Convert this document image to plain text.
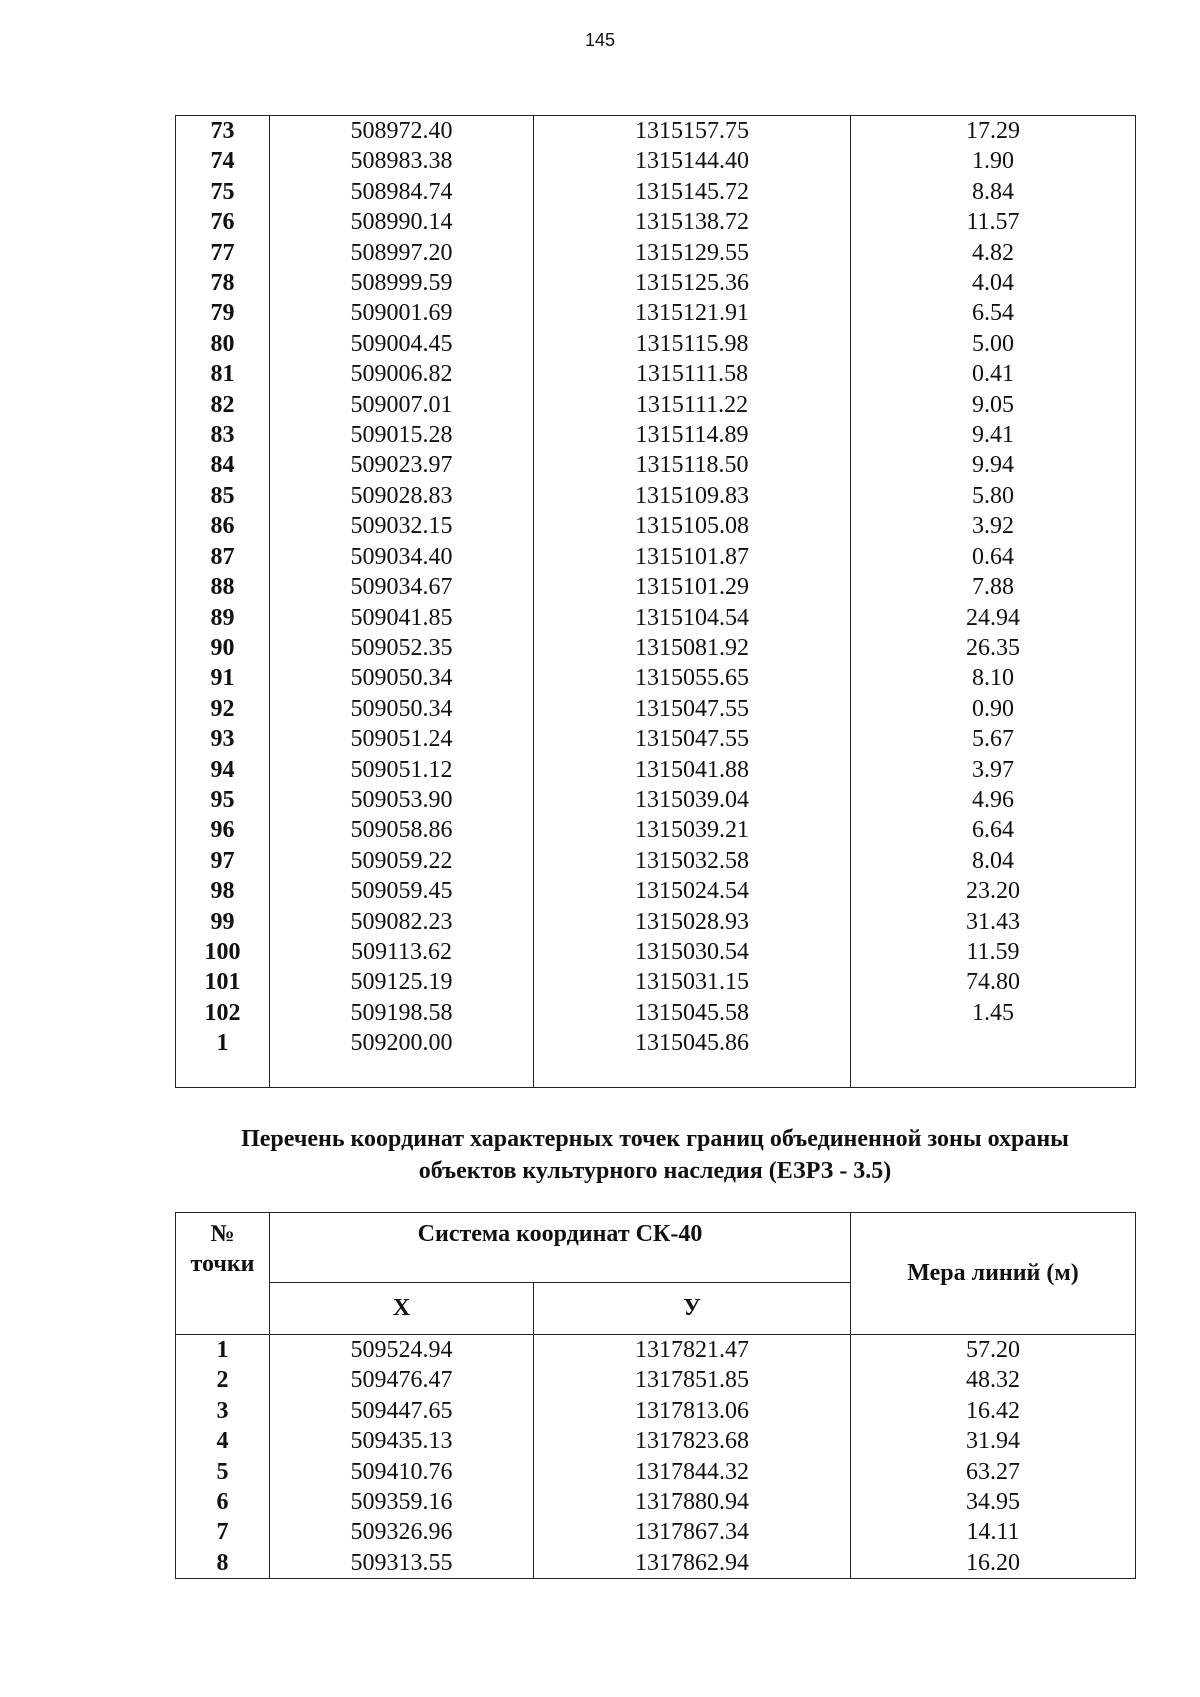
145
73	508972.40	1315157.75	17.29
74	508983.38	1315144.40	1.90
75	508984.74	1315145.72	8.84
76	508990.14	1315138.72	11.57
77	508997.20	1315129.55	4.82
78	508999.59	1315125.36	4.04
79	509001.69	1315121.91	6.54
80	509004.45	1315115.98	5.00
81	509006.82	1315111.58	0.41
82	509007.01	1315111.22	9.05
83	509015.28	1315114.89	9.41
84	509023.97	1315118.50	9.94
85	509028.83	1315109.83	5.80
86	509032.15	1315105.08	3.92
87	509034.40	1315101.87	0.64
88	509034.67	1315101.29	7.88
89	509041.85	1315104.54	24.94
90	509052.35	1315081.92	26.35
91	509050.34	1315055.65	8.10
92	509050.34	1315047.55	0.90
93	509051.24	1315047.55	5.67
94	509051.12	1315041.88	3.97
95	509053.90	1315039.04	4.96
96	509058.86	1315039.21	6.64
97	509059.22	1315032.58	8.04
98	509059.45	1315024.54	23.20
99	509082.23	1315028.93	31.43
100	509113.62	1315030.54	11.59
101	509125.19	1315031.15	74.80
102	509198.58	1315045.58	1.45
1	509200.00	1315045.86	

Перечень координат характерных точек границ объединенной зоны охраны
объектов культурного наследия (ЕЗРЗ - 3.5)
№
точки	Система координат СК-40		Мера линий (м)
	Х	У	
1	509524.94	1317821.47	57.20
2	509476.47	1317851.85	48.32
3	509447.65	1317813.06	16.42
4	509435.13	1317823.68	31.94
5	509410.76	1317844.32	63.27
6	509359.16	1317880.94	34.95
7	509326.96	1317867.34	14.11
8	509313.55	1317862.94	16.20
